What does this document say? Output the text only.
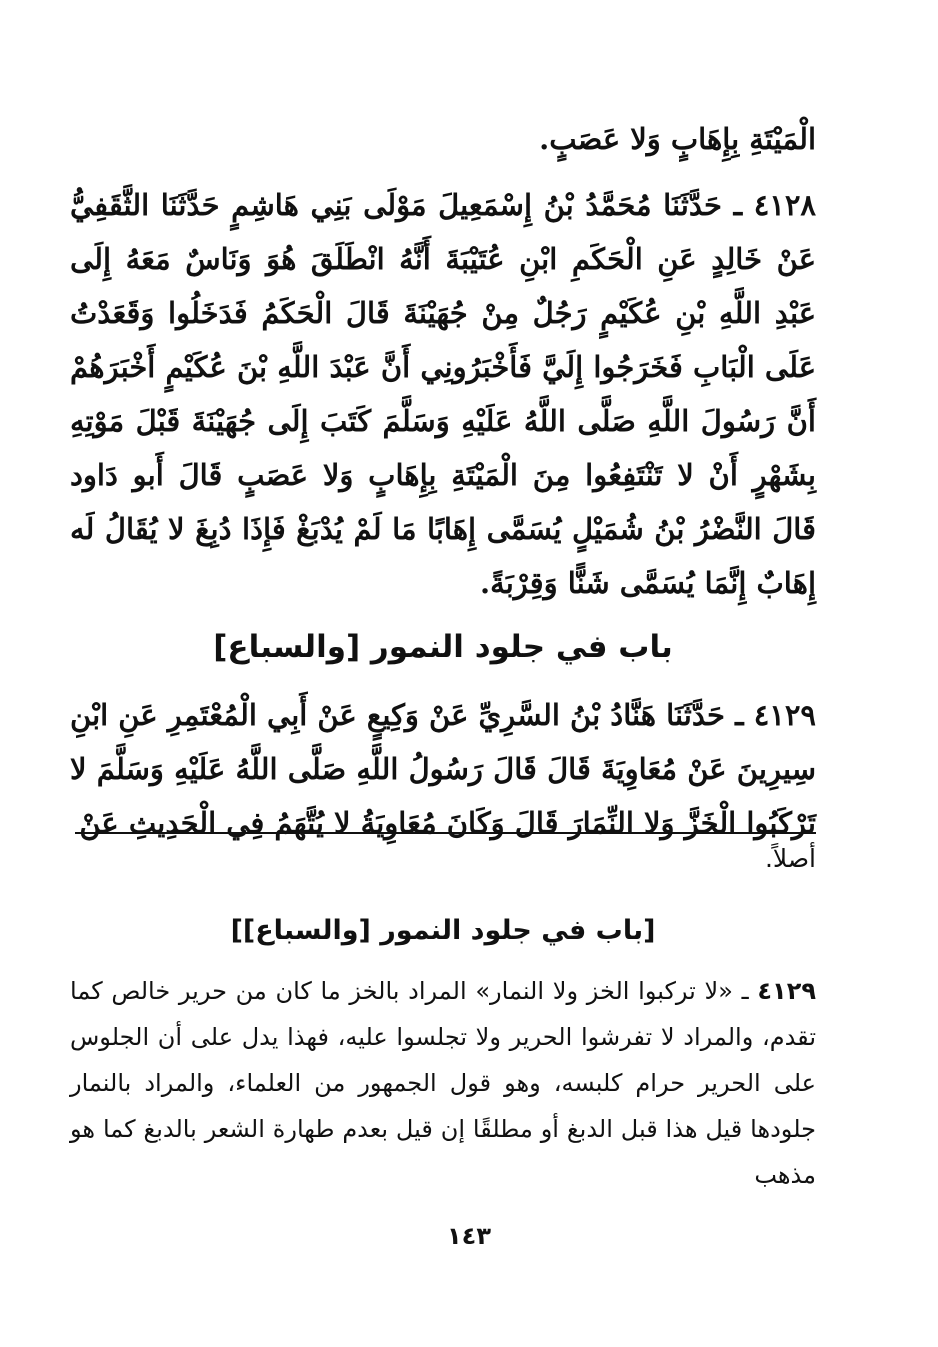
الْمَيْتَةِ بِإِهَابٍ وَلا عَصَبٍ.

٤١٢٨ ـ حَدَّثَنَا مُحَمَّدُ بْنُ إِسْمَعِيلَ مَوْلَى بَنِي هَاشِمٍ حَدَّثَنَا الثَّقَفِيُّ عَنْ خَالِدٍ عَنِ الْحَكَمِ ابْنِ عُتَيْبَةَ أَنَّهُ انْطَلَقَ هُوَ وَنَاسٌ مَعَهُ إِلَى عَبْدِ اللَّهِ بْنِ عُكَيْمٍ رَجُلٌ مِنْ جُهَيْنَةَ قَالَ الْحَكَمُ فَدَخَلُوا وَقَعَدْتُ عَلَى الْبَابِ فَخَرَجُوا إِلَيَّ فَأَخْبَرُونِي أَنَّ عَبْدَ اللَّهِ بْنَ عُكَيْمٍ أَخْبَرَهُمْ أَنَّ رَسُولَ اللَّهِ صَلَّى اللَّهُ عَلَيْهِ وَسَلَّمَ كَتَبَ إِلَى جُهَيْنَةَ قَبْلَ مَوْتِهِ بِشَهْرٍ أَنْ لا تَنْتَفِعُوا مِنَ الْمَيْتَةِ بِإِهَابٍ وَلا عَصَبٍ قَالَ أَبو دَاود قَالَ النَّضْرُ بْنُ شُمَيْلٍ يُسَمَّى إِهَابًا مَا لَمْ يُدْبَغْ فَإِذَا دُبِغَ لا يُقَالُ لَه إِهَابٌ إِنَّمَا يُسَمَّى شَنًّا وَقِرْبَةً.

باب في جلود النمور [والسباع]

٤١٢٩ ـ حَدَّثَنَا هَنَّادُ بْنُ السَّرِيِّ عَنْ وَكِيعٍ عَنْ أَبِي الْمُعْتَمِرِ عَنِ ابْنِ سِيرِينَ عَنْ مُعَاوِيَةَ قَالَ قَالَ رَسُولُ اللَّهِ صَلَّى اللَّهُ عَلَيْهِ وَسَلَّمَ لا تَرْكَبُوا الْخَزَّ وَلا النِّمَارَ قَالَ وَكَانَ مُعَاوِيَةُ لا يُتَّهَمُ فِي الْحَدِيثِ عَنْ

أصلاً.

[باب في جلود النمور [والسباع]]

٤١٢٩ ـ «لا تركبوا الخز ولا النمار» المراد بالخز ما كان من حرير خالص كما تقدم، والمراد لا تفرشوا الحرير ولا تجلسوا عليه، فهذا يدل على أن الجلوس على الحرير حرام كلبسه، وهو قول الجمهور من العلماء، والمراد بالنمار جلودها قيل هذا قبل الدبغ أو مطلقًا إن قيل بعدم طهارة الشعر بالدبغ كما هو مذهب

١٤٣
